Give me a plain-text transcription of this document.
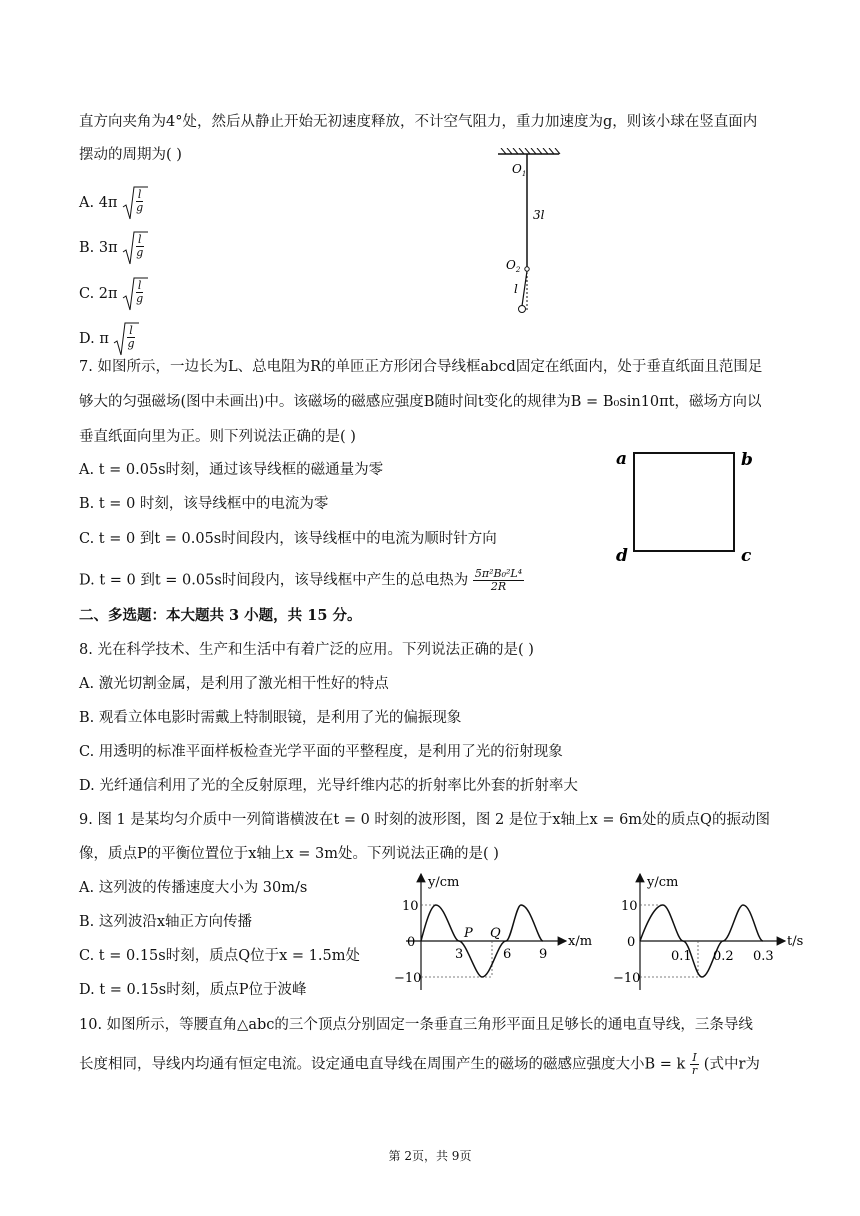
直方向夹角为4°处，然后从静止开始无初速度释放，不计空气阻力，重力加速度为g，则该小球在竖直面内
摆动的周期为( )
A. $4\pi \frac{l}{g}$
B. $3\pi \frac{l}{g}$
C. $2\pi \frac{l}{g}$
D. π $\frac{l}{g}$
$O_1$
3l
$O_2$
l
7. 如图所示，一边长为L、总电阻为R的单匝正方形闭合导线框abcd固定在纸面内，处于垂直纸面且范围足
够大的匀强磁场(图中未画出)中。该磁场的磁感应强度B随时间t变化的规律为B = B₀sin10πt，磁场方向以
垂直纸面向里为正。则下列说法正确的是( )
A. t = 0.05s时刻，通过该导线框的磁通量为零
B. t = 0 时刻，该导线框中的电流为零
C. t = 0 到t = 0.05s时间段内，该导线框中的电流为顺时针方向
D. t = 0 到t = 0.05s时间段内，该导线框中产生的总电热为 $\frac{\text{5π²B₀²L⁴}}{2R}$
a	b
c
d
二、多选题：本大题共 3 小题，共 15 分。
8. 光在科学技术、生产和生活中有着广泛的应用。下列说法正确的是( )
A. 激光切割金属，是利用了激光相干性好的特点
B. 观看立体电影时需戴上特制眼镜，是利用了光的偏振现象
C. 用透明的标准平面样板检查光学平面的平整程度，是利用了光的衍射现象
D. 光纤通信利用了光的全反射原理，光导纤维内芯的折射率比外套的折射率大
9. 图 1 是某均匀介质中一列简谐横波在t = 0 时刻的波形图，图 2 是位于x轴上x = 6m处的质点Q的振动图
像，质点P的平衡位置位于x轴上x = 3m处。下列说法正确的是( )
A. 这列波的传播速度大小为 30m/s
B. 这列波沿x轴正方向传播
C. t = 0.15s时刻，质点Q位于x = 1.5m处
D. t = 0.15s时刻，质点P位于波峰
y/cm
x/m
10
0
−10
3	6 9
P Q
y/cm
t/s
10
0
−10
0.1 0.2 0.3
10. 如图所示，等腰直角△abc的三个顶点分别固定一条垂直三角形平面且足够长的通电直导线，三条导线
长度相同，导线内均通有恒定电流。设定通电直导线在周围产生的磁场的磁感应强度大小B = k $\frac{I}{r}$ (式中r为
第 2页，共 9页
